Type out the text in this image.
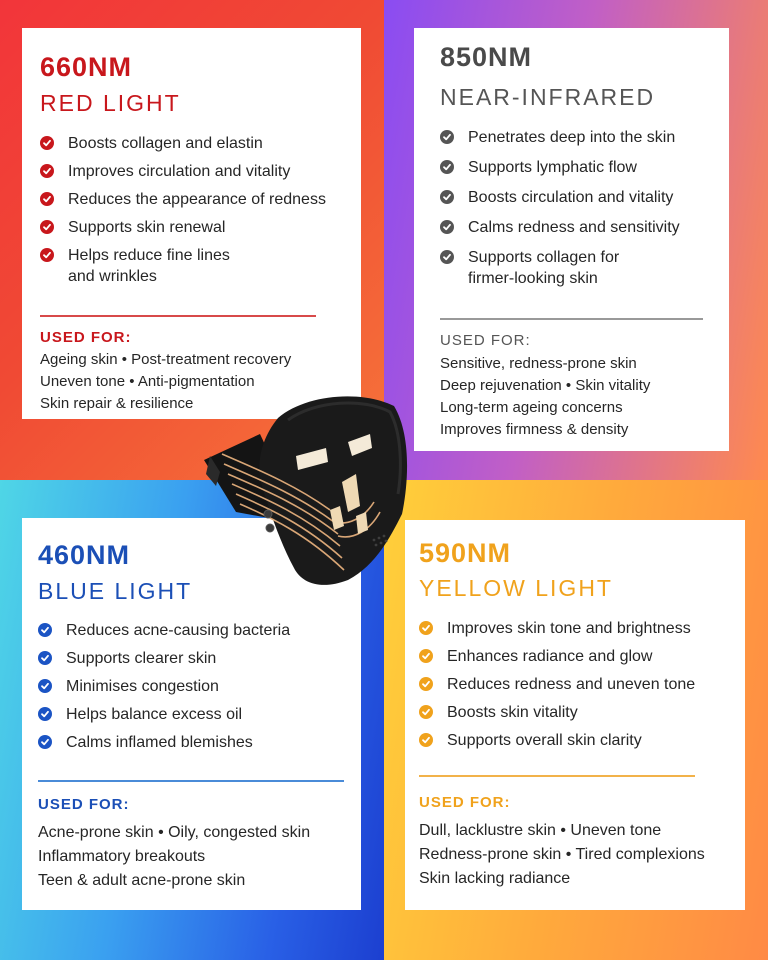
660NM
RED LIGHT
Boosts collagen and elastin
Improves circulation and vitality
Reduces the appearance of redness
Supports skin renewal
Helps reduce fine lines
and wrinkles
USED FOR:
Ageing skin • Post-treatment recovery
Uneven tone • Anti-pigmentation
Skin repair & resilience
850NM
NEAR-INFRARED
Penetrates deep into the skin
Supports lymphatic flow
Boosts circulation and vitality
Calms redness and sensitivity
Supports collagen for
firmer-looking skin
USED FOR:
Sensitive, redness-prone skin
Deep rejuvenation • Skin vitality
Long-term ageing concerns
Improves firmness & density
460NM
BLUE LIGHT
Reduces acne-causing bacteria
Supports clearer skin
Minimises congestion
Helps balance excess oil
Calms inflamed blemishes
USED FOR:
Acne-prone skin • Oily, congested skin
Inflammatory breakouts
Teen & adult acne-prone skin
590NM
YELLOW LIGHT
Improves skin tone and brightness
Enhances radiance and glow
Reduces redness and uneven tone
Boosts skin vitality
Supports overall skin clarity
USED FOR:
Dull, lacklustre skin • Uneven tone
Redness-prone skin • Tired complexions
Skin lacking radiance
